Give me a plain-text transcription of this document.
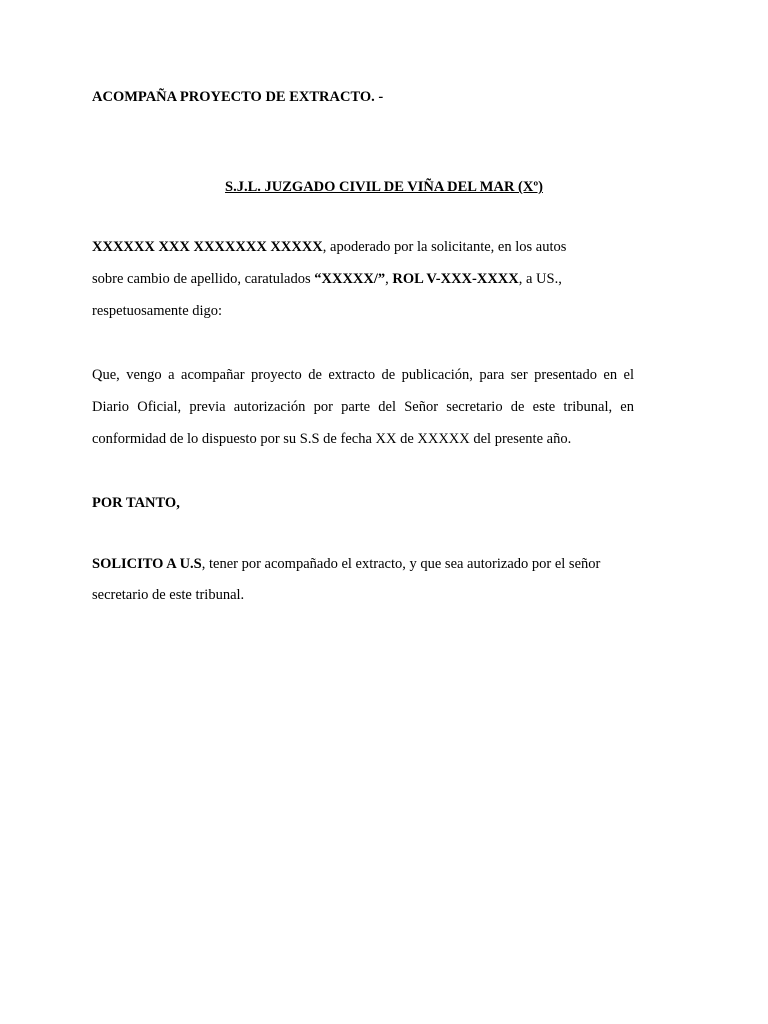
ACOMPAÑA PROYECTO DE EXTRACTO. -
S.J.L. JUZGADO CIVIL DE VIÑA DEL MAR (Xº)
XXXXXX XXX XXXXXXX XXXXX, apoderado por la solicitante, en los autos
sobre cambio de apellido, caratulados “XXXXX/”, ROL V-XXX-XXXX, a US.,
respetuosamente digo:
Que, vengo a acompañar proyecto de extracto de publicación, para ser presentado en el
Diario Oficial, previa autorización por parte del Señor secretario de este tribunal, en
conformidad de lo dispuesto por su S.S de fecha XX de XXXXX del presente año.
POR TANTO,
SOLICITO A U.S, tener por acompañado el extracto, y que sea autorizado por el señor
secretario de este tribunal.
